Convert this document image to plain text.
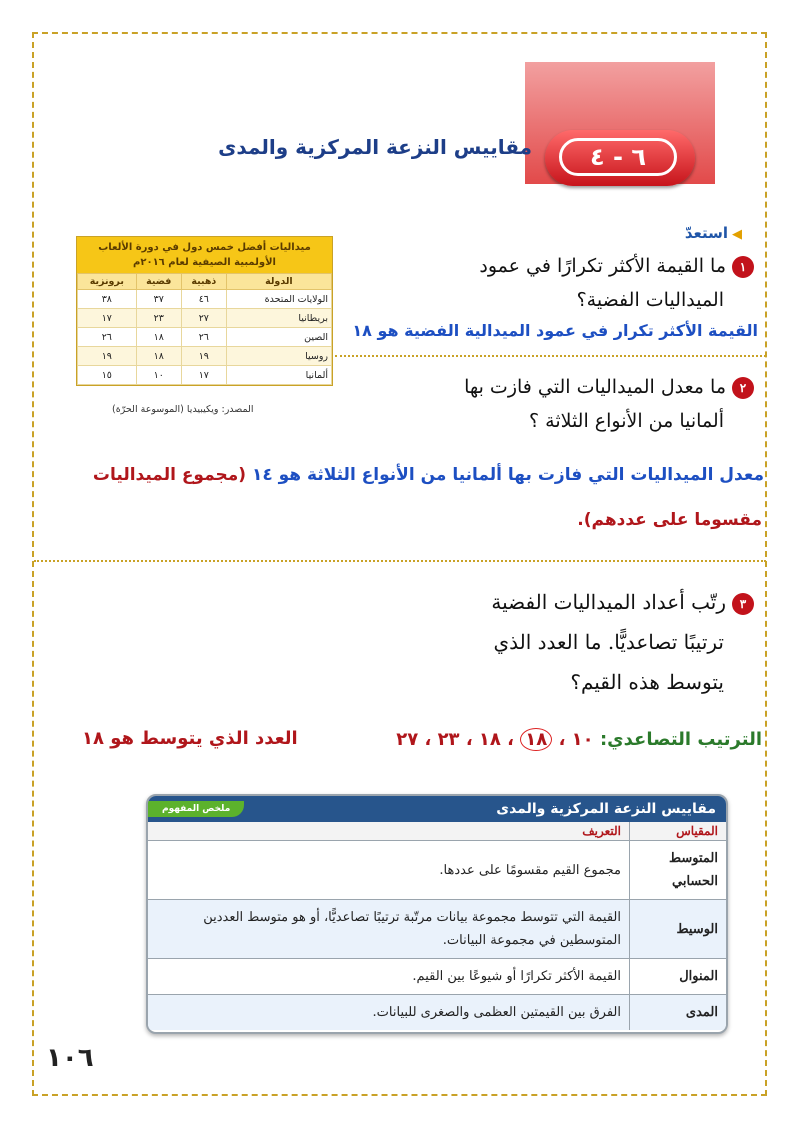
٦ - ٤
مقاييس النزعة المركزية والمدى
◀استعدّ
ميداليات أفضل خمس دول في دورة الألعاب الأولمبية الصيفية لعام ٢٠١٦م
الدولة	ذهبية	فضية	برونزية
الولايات المتحدة	٤٦	٣٧	٣٨
بريطانيا	٢٧	٢٣	١٧
الصين	٢٦	١٨	٢٦
روسيا	١٩	١٨	١٩
ألمانيا	١٧	١٠	١٥
المصدر: ويكيبيديا (الموسوعة الحرّة)
١ما القيمة الأكثر تكرارًا في عمود
الميداليات الفضية؟
القيمة الأكثر تكرار في عمود الميدالية الفضية هو ١٨
٢ما معدل الميداليات التي فازت بها
ألمانيا من الأنواع الثلاثة ؟
معدل الميداليات التي فازت بها ألمانيا من الأنواع الثلاثة هو ١٤ (مجموع الميداليات
مقسوما على عددهم).
٣رتّب أعداد الميداليات الفضية
ترتيبًا تصاعديًّا. ما العدد الذي
يتوسط هذه القيم؟
الترتيب التصاعدي: ١٠ ، ١٨ ، ١٨ ، ٢٣ ، ٢٧
العدد الذي يتوسط هو ١٨
مقاييس النزعة المركزية والمدى
ملخص المفهوم
المقياس	التعريف
المتوسط الحسابي	مجموع القيم مقسومًا على عددها.
الوسيط	القيمة التي تتوسط مجموعة بيانات مرتّبة ترتيبًا تصاعديًّا، أو هو متوسط العددين المتوسطين في مجموعة البيانات.
المنوال	القيمة الأكثر تكرارًا أو شيوعًا بين القيم.
المدى	الفرق بين القيمتين العظمى والصغرى للبيانات.
١٠٦
